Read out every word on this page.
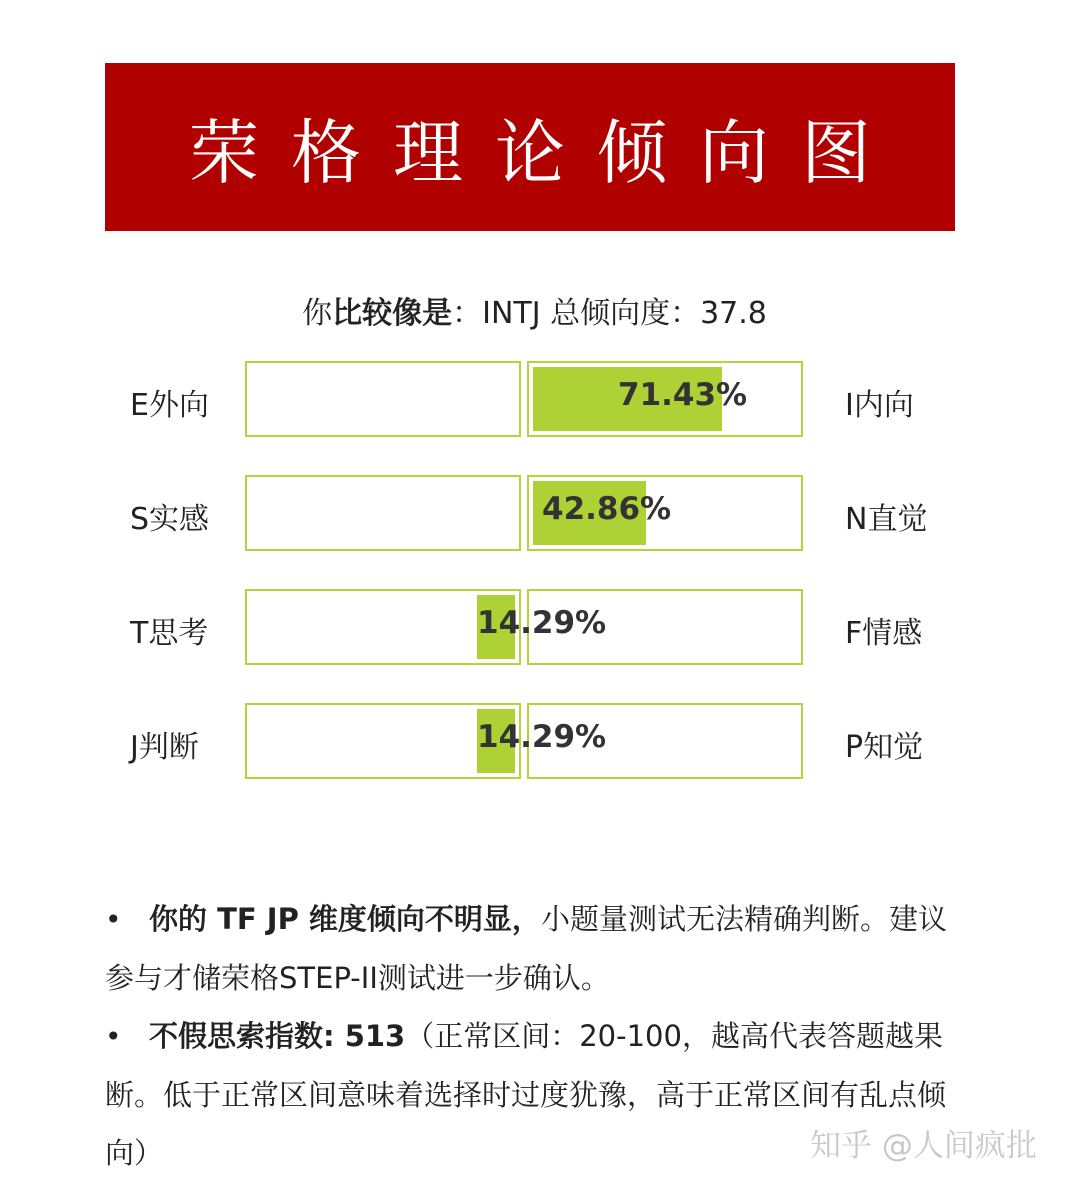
荣格理论倾向图
你比较像是：INTJ 总倾向度：37.8
E外向	I内向
71.43%
S实感	N直觉
42.86%
T思考	F情感
14.29%
J判断	P知觉
14.29%
• 你的 TF JP 维度倾向不明显，小题量测试无法精确判断。建议参与才储荣格STEP-II测试进一步确认。
• 不假思索指数: 513（正常区间：20-100，越高代表答题越果断。低于正常区间意味着选择时过度犹豫，高于正常区间有乱点倾向）	知乎 @人间疯批
